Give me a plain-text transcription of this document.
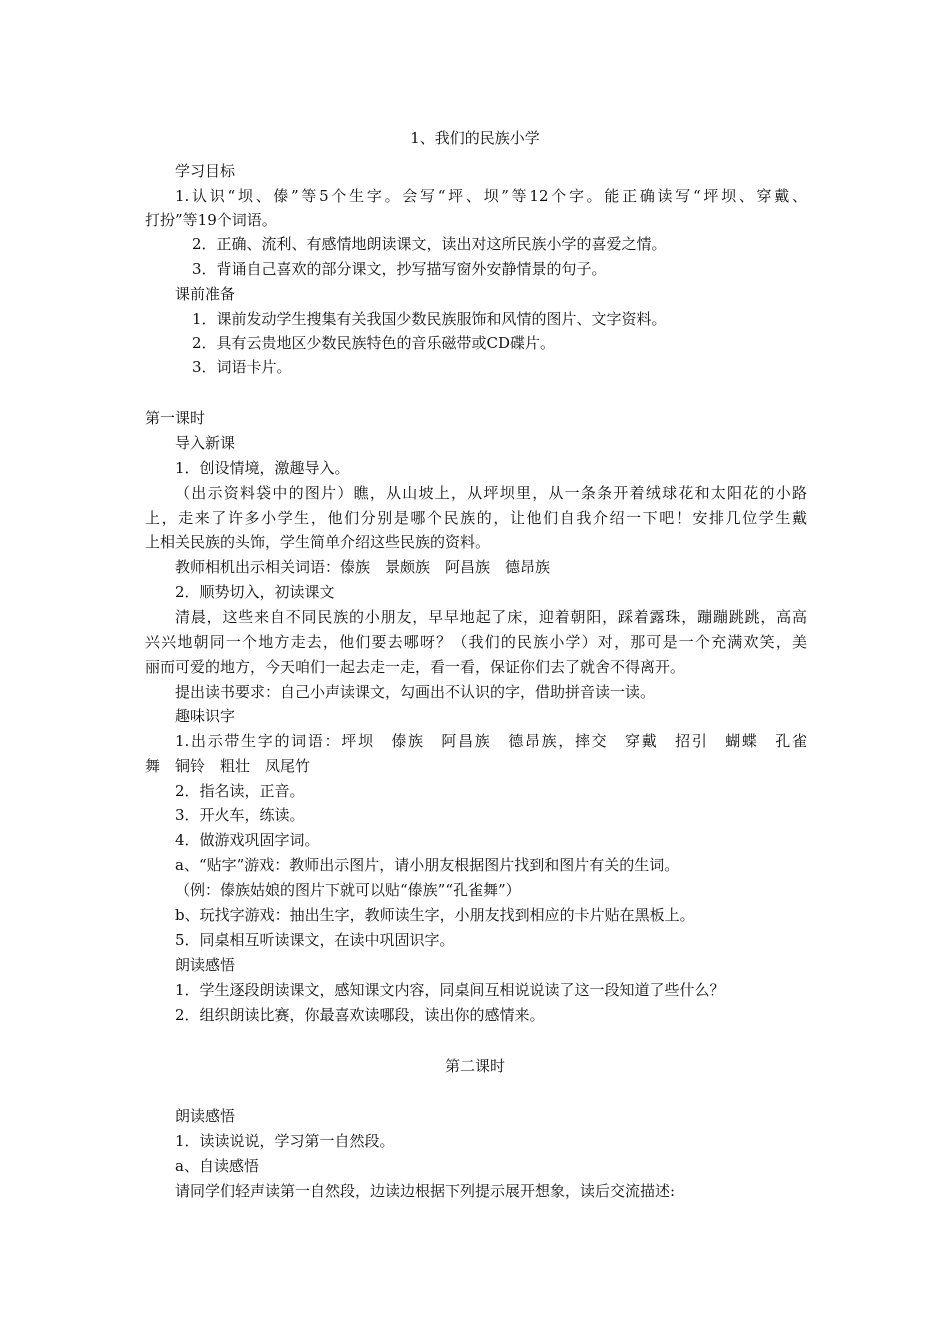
1、我们的民族小学
学习目标
1.认识“坝、傣”等5个生字。会写“坪、坝”等12个字。能正确读写“坪坝、穿戴、
打扮”等19个词语。
2．正确、流利、有感情地朗读课文，读出对这所民族小学的喜爱之情。
3．背诵自己喜欢的部分课文，抄写描写窗外安静情景的句子。
课前准备
1．课前发动学生搜集有关我国少数民族服饰和风情的图片、文字资料。
2．具有云贵地区少数民族特色的音乐磁带或CD碟片。
3．词语卡片。
第一课时
导入新课
1．创设情境，激趣导入。
（出示资料袋中的图片）瞧，从山坡上，从坪坝里，从一条条开着绒球花和太阳花的小路
上，走来了许多小学生，他们分别是哪个民族的，让他们自我介绍一下吧！安排几位学生戴
上相关民族的头饰，学生简单介绍这些民族的资料。
教师相机出示相关词语：傣族　景颇族　阿昌族　德昂族
2．顺势切入，初读课文
清晨，这些来自不同民族的小朋友，早早地起了床，迎着朝阳，踩着露珠，蹦蹦跳跳，高高
兴兴地朝同一个地方走去，他们要去哪呀？（我们的民族小学）对，那可是一个充满欢笑，美
丽而可爱的地方，今天咱们一起去走一走，看一看，保证你们去了就舍不得离开。
提出读书要求：自己小声读课文，勾画出不认识的字，借助拼音读一读。
趣味识字
1.出示带生字的词语：坪坝　傣族　阿昌族　德昂族，摔交　穿戴　招引　蝴蝶　孔雀
舞　铜铃　粗壮　凤尾竹
2．指名读，正音。
3．开火车，练读。
4．做游戏巩固字词。
a、“贴字”游戏：教师出示图片，请小朋友根据图片找到和图片有关的生词。
（例：傣族姑娘的图片下就可以贴“傣族”“孔雀舞”）
b、玩找字游戏：抽出生字，教师读生字，小朋友找到相应的卡片贴在黑板上。
5．同桌相互听读课文，在读中巩固识字。
朗读感悟
1．学生逐段朗读课文，感知课文内容，同桌间互相说说读了这一段知道了些什么？
2．组织朗读比赛，你最喜欢读哪段，读出你的感情来。
第二课时
朗读感悟
1．读读说说，学习第一自然段。
a、自读感悟
请同学们轻声读第一自然段，边读边根据下列提示展开想象，读后交流描述:
